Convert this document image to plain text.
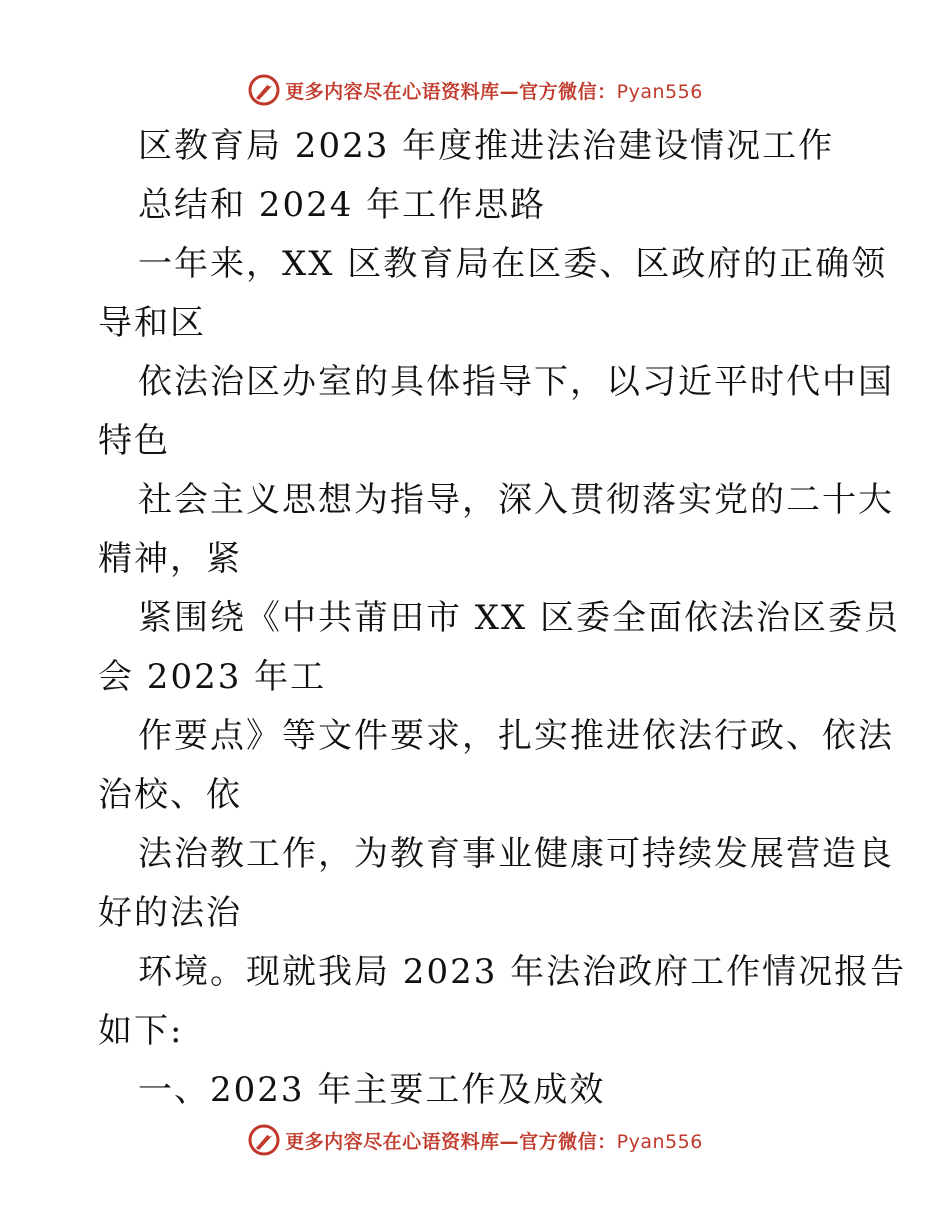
更多内容尽在心语资料库—官方微信：Pyan556
区教育局 2023 年度推进法治建设情况工作
总结和 2024 年工作思路
一年来，XX 区教育局在区委、区政府的正确领
导和区
依法治区办室的具体指导下，以习近平时代中国
特色
社会主义思想为指导，深入贯彻落实党的二十大
精神，紧
紧围绕《中共莆田市 XX 区委全面依法治区委员
会 2023 年工
作要点》等文件要求，扎实推进依法行政、依法
治校、依
法治教工作，为教育事业健康可持续发展营造良
好的法治
环境。现就我局 2023 年法治政府工作情况报告
如下:
一、2023 年主要工作及成效
更多内容尽在心语资料库—官方微信：Pyan556
